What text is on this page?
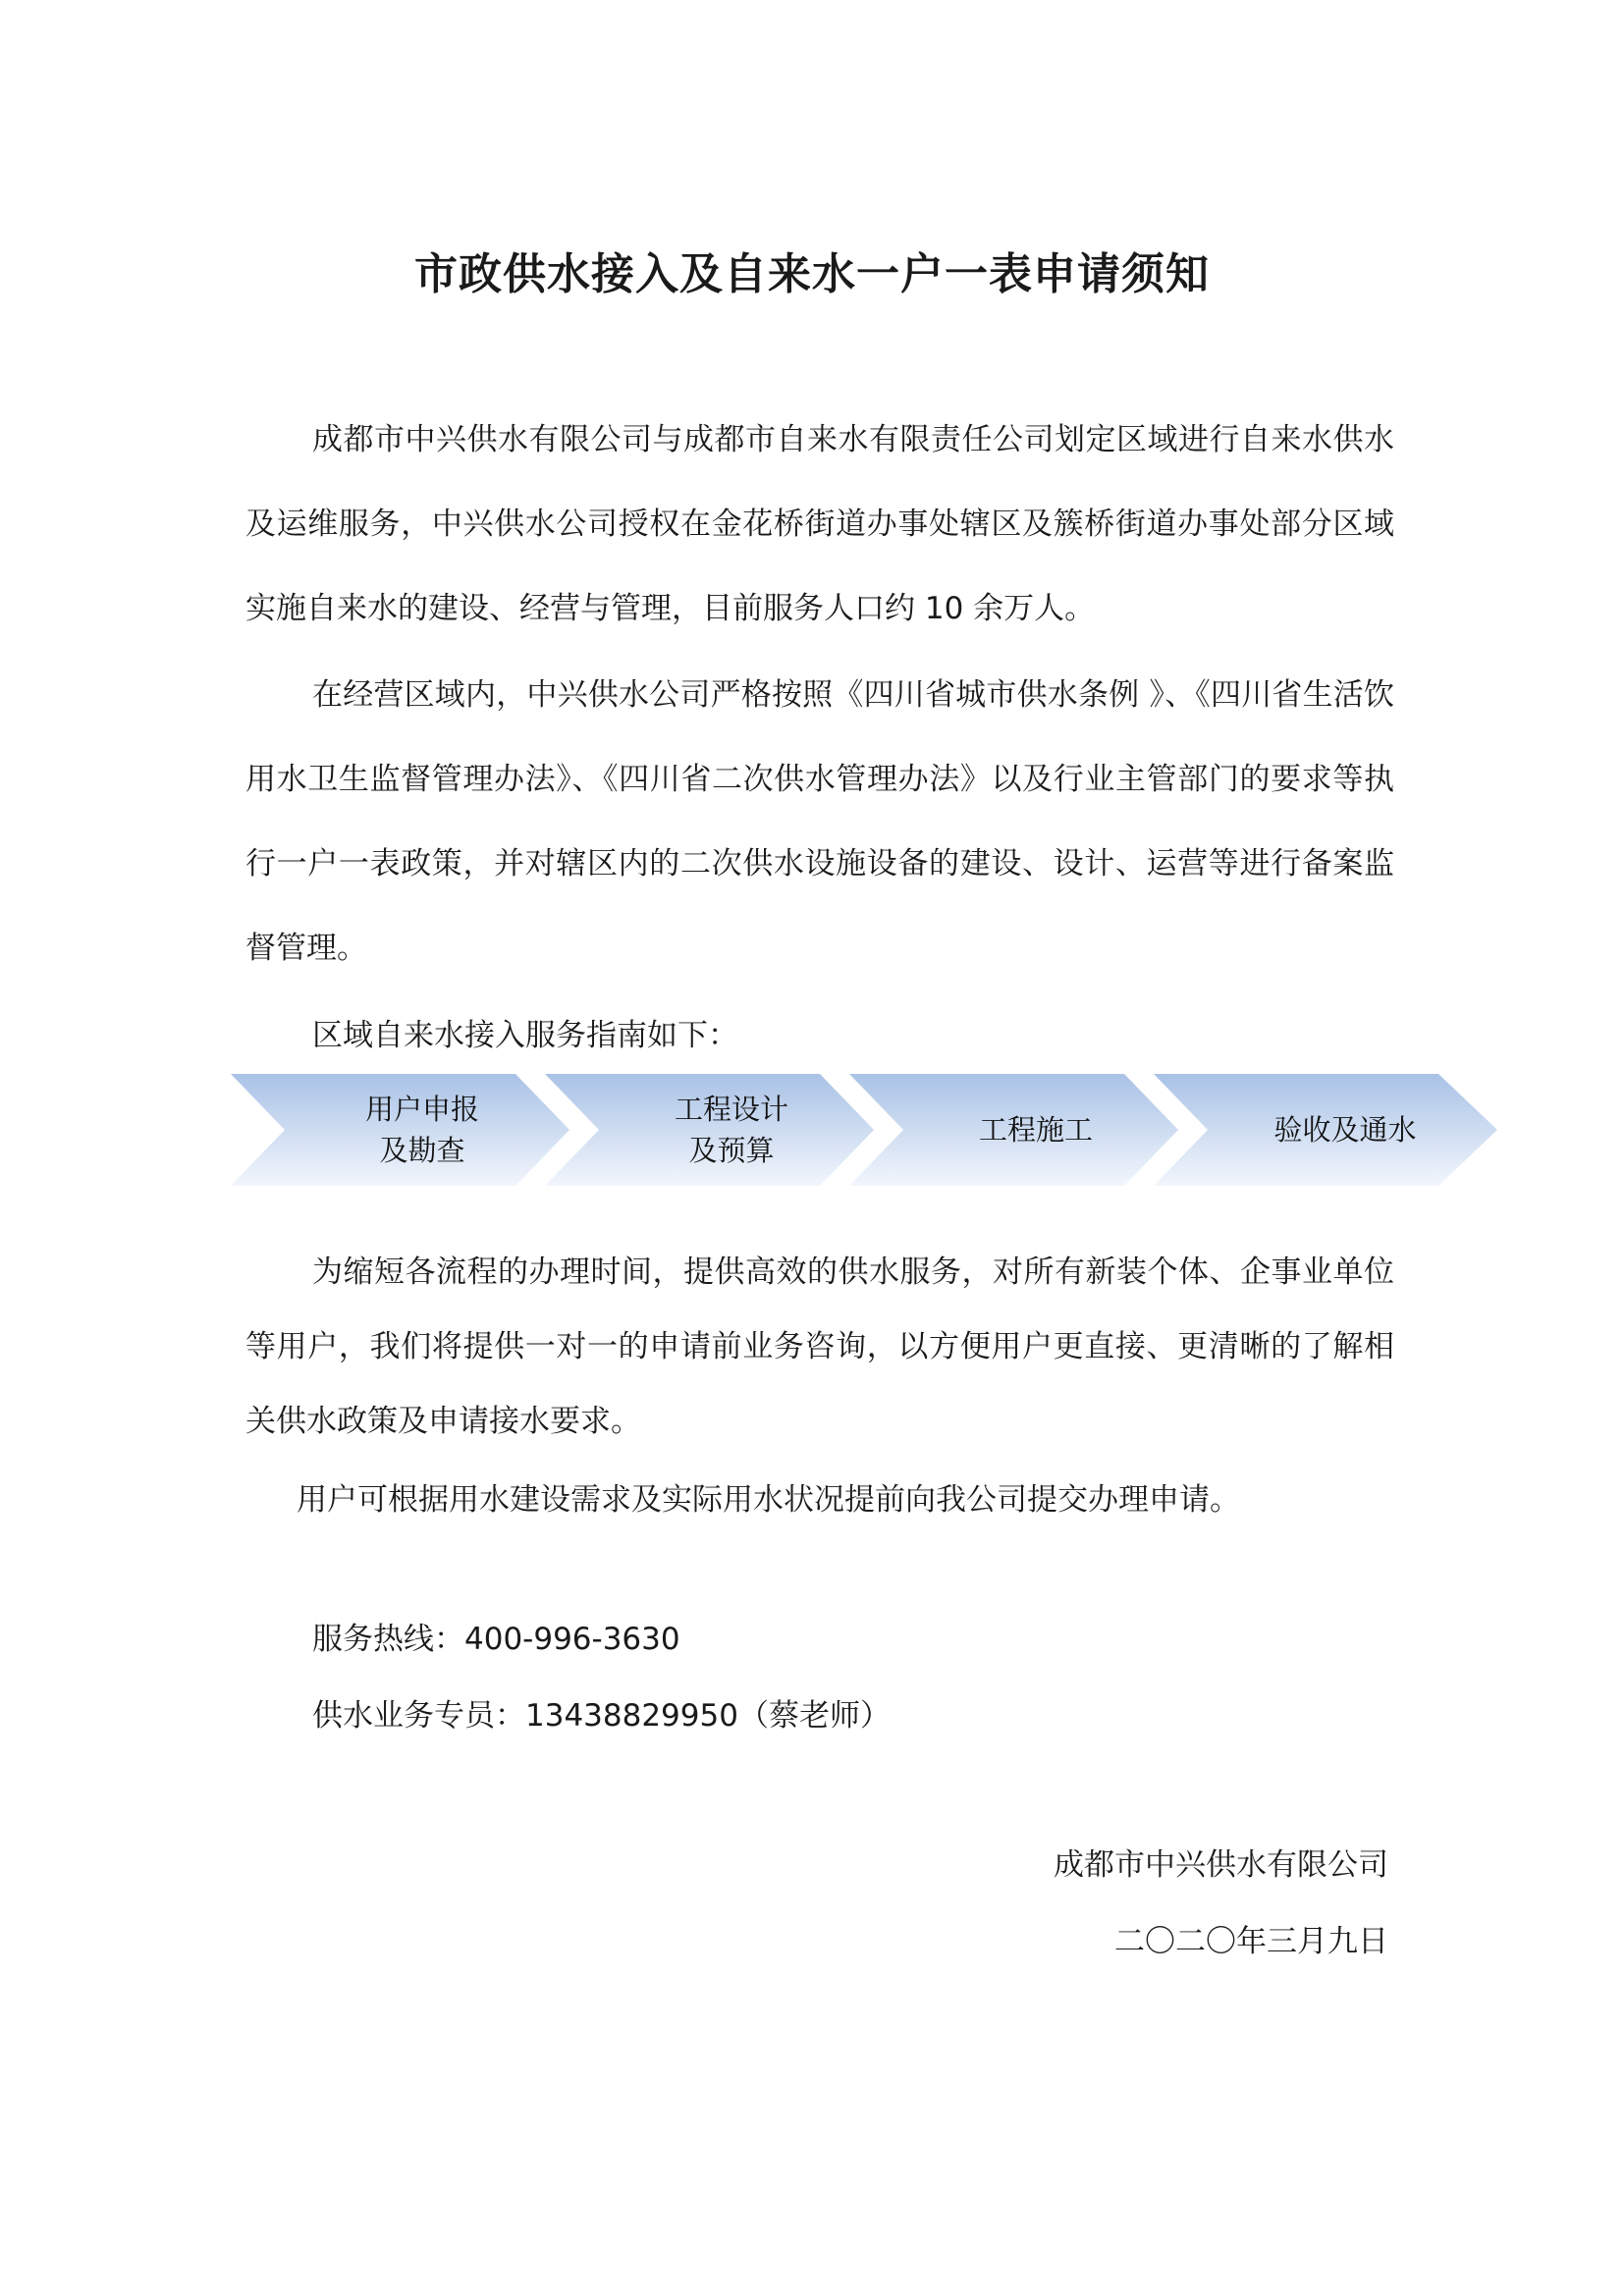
市政供水接入及自来水一户一表申请须知

成都市中兴供水有限公司与成都市自来水有限责任公司划定区域进行自来水供水及运维服务，中兴供水公司授权在金花桥街道办事处辖区及簇桥街道办事处部分区域实施自来水的建设、经营与管理，目前服务人口约 10 余万人。

在经营区域内，中兴供水公司严格按照《四川省城市供水条例 》、《四川省生活饮用水卫生监督管理办法》、《四川省二次供水管理办法》以及行业主管部门的要求等执行一户一表政策，并对辖区内的二次供水设施设备的建设、设计、运营等进行备案监督管理。

区域自来水接入服务指南如下：

用户申报
及勘查
工程设计
及预算
工程施工	验收及通水

为缩短各流程的办理时间，提供高效的供水服务，对所有新装个体、企事业单位等用户，我们将提供一对一的申请前业务咨询，以方便用户更直接、更清晰的了解相关供水政策及申请接水要求。

用户可根据用水建设需求及实际用水状况提前向我公司提交办理申请。

服务热线：400-996-3630

供水业务专员：13438829950（蔡老师）

成都市中兴供水有限公司

二〇二〇年三月九日
